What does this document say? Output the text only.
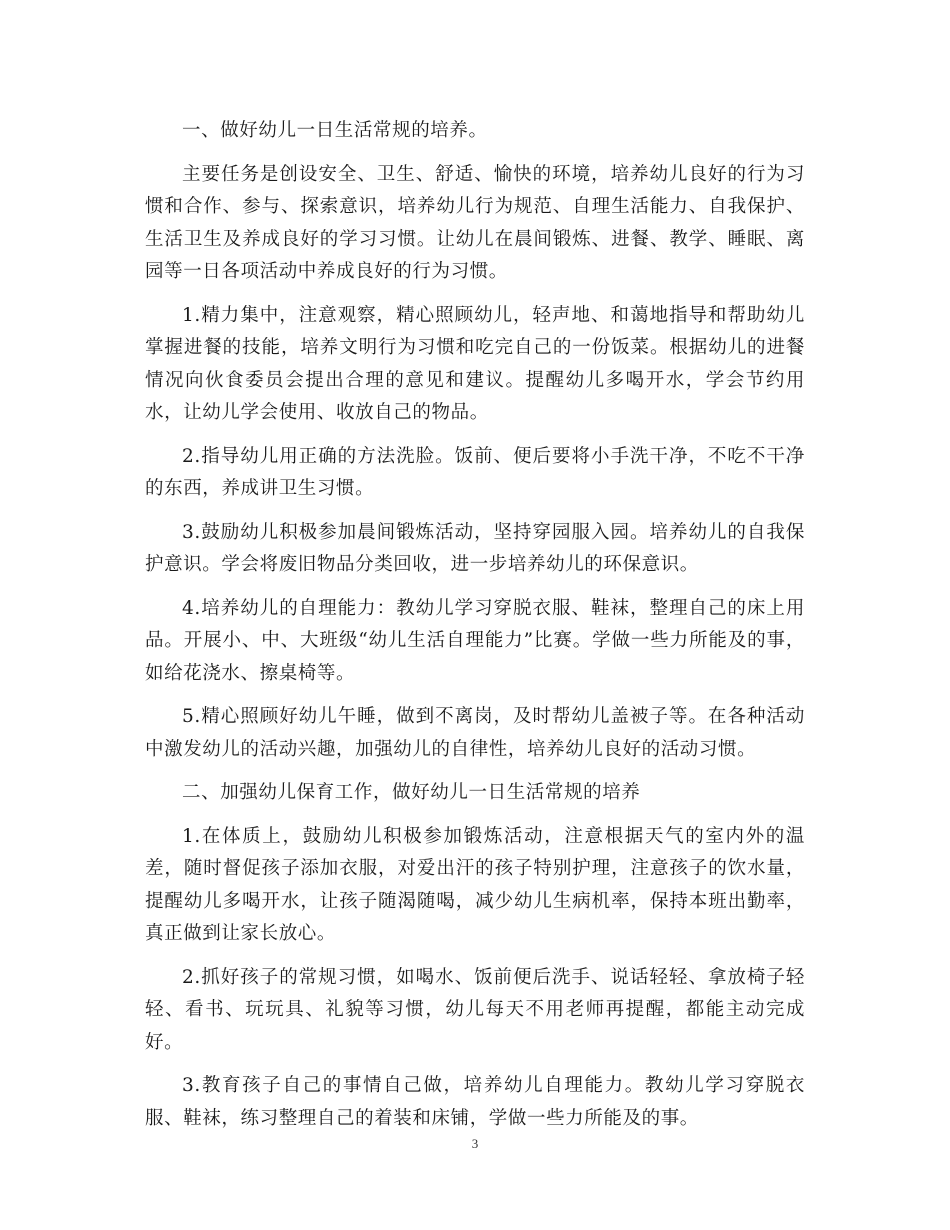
一、做好幼儿一日生活常规的培养。

主要任务是创设安全、卫生、舒适、愉快的环境，培养幼儿良好的行为习惯和合作、参与、探索意识，培养幼儿行为规范、自理生活能力、自我保护、生活卫生及养成良好的学习习惯。让幼儿在晨间锻炼、进餐、教学、睡眠、离园等一日各项活动中养成良好的行为习惯。

1.精力集中，注意观察，精心照顾幼儿，轻声地、和蔼地指导和帮助幼儿掌握进餐的技能，培养文明行为习惯和吃完自己的一份饭菜。根据幼儿的进餐情况向伙食委员会提出合理的意见和建议。提醒幼儿多喝开水，学会节约用水，让幼儿学会使用、收放自己的物品。

2.指导幼儿用正确的方法洗脸。饭前、便后要将小手洗干净，不吃不干净的东西，养成讲卫生习惯。

3.鼓励幼儿积极参加晨间锻炼活动，坚持穿园服入园。培养幼儿的自我保护意识。学会将废旧物品分类回收，进一步培养幼儿的环保意识。

4.培养幼儿的自理能力：教幼儿学习穿脱衣服、鞋袜，整理自己的床上用品。开展小、中、大班级“幼儿生活自理能力”比赛。学做一些力所能及的事，如给花浇水、擦桌椅等。

5.精心照顾好幼儿午睡，做到不离岗，及时帮幼儿盖被子等。在各种活动中激发幼儿的活动兴趣，加强幼儿的自律性，培养幼儿良好的活动习惯。

二、加强幼儿保育工作，做好幼儿一日生活常规的培养

1.在体质上，鼓励幼儿积极参加锻炼活动，注意根据天气的室内外的温差，随时督促孩子添加衣服，对爱出汗的孩子特别护理，注意孩子的饮水量，提醒幼儿多喝开水，让孩子随渴随喝，减少幼儿生病机率，保持本班出勤率，真正做到让家长放心。

2.抓好孩子的常规习惯，如喝水、饭前便后洗手、说话轻轻、拿放椅子轻轻、看书、玩玩具、礼貌等习惯，幼儿每天不用老师再提醒，都能主动完成好。

3.教育孩子自己的事情自己做，培养幼儿自理能力。教幼儿学习穿脱衣服、鞋袜，练习整理自己的着装和床铺，学做一些力所能及的事。

3
